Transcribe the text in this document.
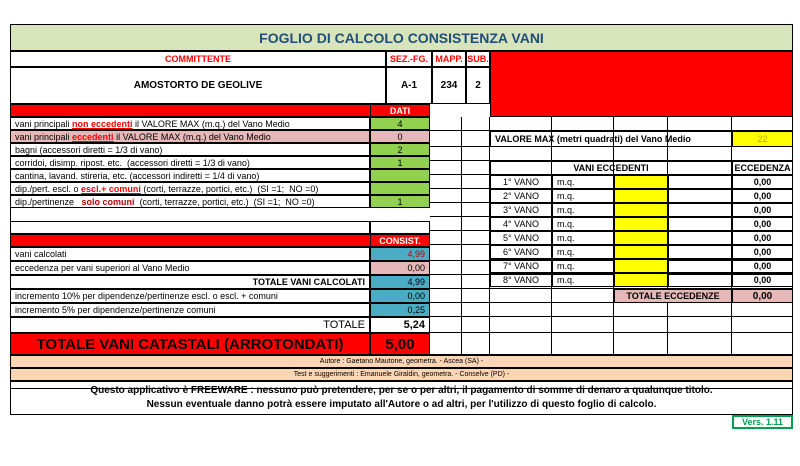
FOGLIO DI CALCOLO CONSISTENZA VANI
COMMITTENTE	SEZ.-FG. MAPP. SUB.
AMOSTORTO DE GEOLIVE	A-1	234	2
DATI
vani principali non eccedenti il VALORE MAX (m.q.) del Vano Medio	4
vani principali eccedenti il VALORE MAX (m.q.) del Vano Medio	0
bagni (accessori diretti = 1/3 di vano)	2
corridoi, disimp. ripost. etc.  (accessori diretti = 1/3 di vano)	1
cantina, lavand. stireria, etc. (accessori indiretti = 1/4 di vano)
dip./pert. escl. o escl.+ comuni (corti, terrazze, portici, etc.)  (SI =1;  NO =0)
dip./pertinenze solo comuni (corti, terrazze, portici, etc.)  (SI =1;  NO =0)	1
CONSIST.
vani calcolati	4,99
eccedenza per vani superiori al Vano Medio	0,00
TOTALE VANI CALCOLATI	4,99
incremento 10% per dipendenze/pertinenze escl. o escl. + comuni	0,00
incremento 5% per dipendenze/pertinenze comuni	0,25
TOTALE	5,24
TOTALE VANI CATASTALI (ARROTONDATI)	5,00
VALORE MAX (metri quadrati) del Vano Medio	22
VANI ECCEDENTI	ECCEDENZA
1° VANO	m.q.	0,00
2° VANO	m.q.	0,00
3° VANO	m.q.	0,00
4° VANO	m.q.	0,00
5° VANO	m.q.	0,00
6° VANO	m.q.	0,00
7° VANO	m.q.	0,00
8° VANO	m.q.	0,00
TOTALE ECCEDENZE	0,00
Autore : Gaetano Mautone, geometra. - Ascea (SA) -
Test e suggerimenti : Emanuele Giraldin, geometra. - Conselve (PD) -
Questo applicativo è FREEWARE : nessuno può pretendere, per se o per altri, il pagamento di somme di denaro a qualunque titolo.
Nessun eventuale danno potrà essere imputato all'Autore o ad altri, per l'utilizzo di questo foglio di calcolo.
Vers. 1.11
